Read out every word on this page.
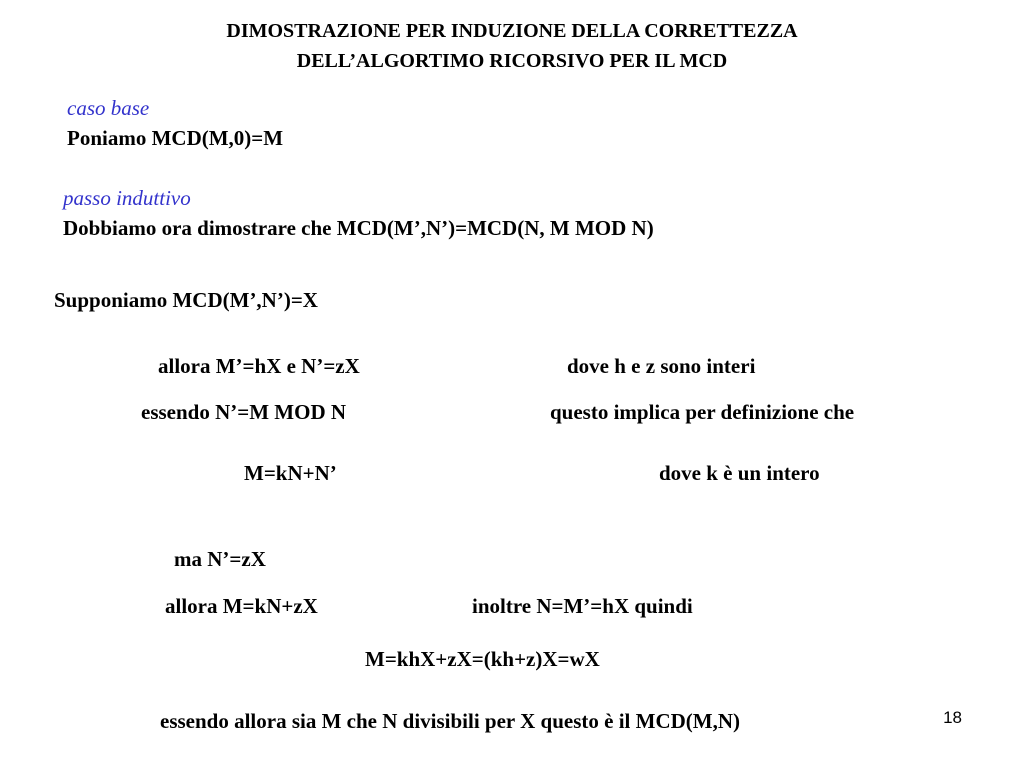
DIMOSTRAZIONE PER INDUZIONE DELLA CORRETTEZZA
DELL’ALGORTIMO RICORSIVO PER IL MCD
caso base
Poniamo MCD(M,0)=M
passo induttivo
Dobbiamo ora dimostrare che MCD(M’,N’)=MCD(N, M MOD N)
Supponiamo MCD(M’,N’)=X
allora M’=hX e N’=zX	dove h e z sono interi
essendo N’=M MOD N	questo implica per definizione che
M=kN+N’	dove k è un intero
ma N’=zX
allora M=kN+zX	inoltre N=M’=hX quindi
M=khX+zX=(kh+z)X=wX
essendo allora sia M che N divisibili per X questo è il MCD(M,N)	18
